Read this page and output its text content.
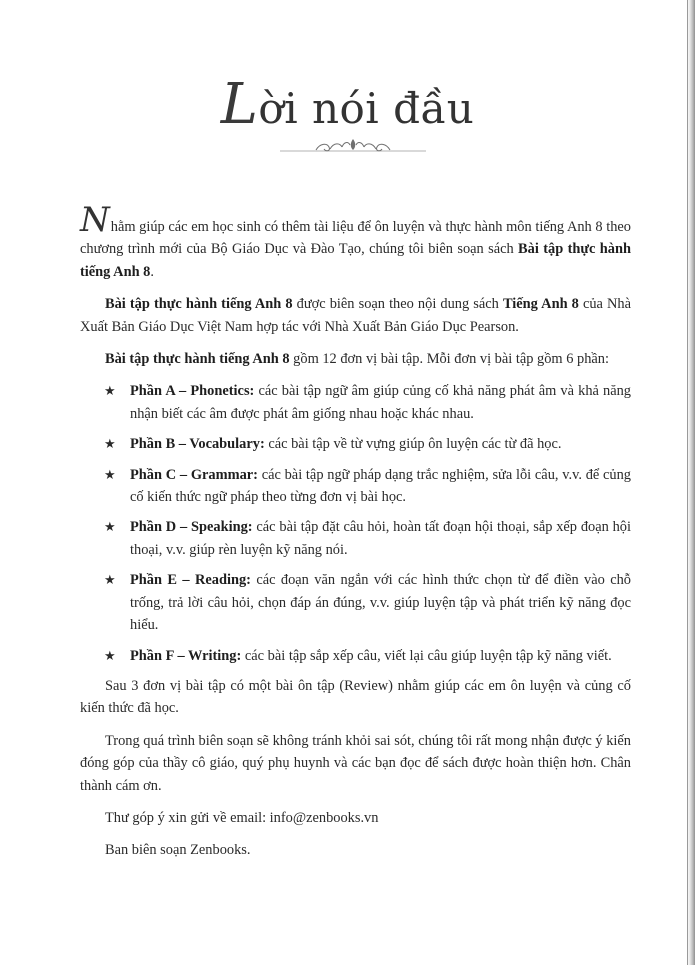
Lời nói đầu

Nhằm giúp các em học sinh có thêm tài liệu để ôn luyện và thực hành môn tiếng Anh 8 theo chương trình mới của Bộ Giáo Dục và Đào Tạo, chúng tôi biên soạn sách Bài tập thực hành tiếng Anh 8.

Bài tập thực hành tiếng Anh 8 được biên soạn theo nội dung sách Tiếng Anh 8 của Nhà Xuất Bản Giáo Dục Việt Nam hợp tác với Nhà Xuất Bản Giáo Dục Pearson.

Bài tập thực hành tiếng Anh 8 gồm 12 đơn vị bài tập. Mỗi đơn vị bài tập gồm 6 phần:

★ Phần A – Phonetics: các bài tập ngữ âm giúp củng cố khả năng phát âm và khả năng nhận biết các âm được phát âm giống nhau hoặc khác nhau.
★ Phần B – Vocabulary: các bài tập về từ vựng giúp ôn luyện các từ đã học.
★ Phần C – Grammar: các bài tập ngữ pháp dạng trắc nghiệm, sửa lỗi câu, v.v. để củng cố kiến thức ngữ pháp theo từng đơn vị bài học.
★ Phần D – Speaking: các bài tập đặt câu hỏi, hoàn tất đoạn hội thoại, sắp xếp đoạn hội thoại, v.v. giúp rèn luyện kỹ năng nói.
★ Phần E – Reading: các đoạn văn ngắn với các hình thức chọn từ để điền vào chỗ trống, trả lời câu hỏi, chọn đáp án đúng, v.v. giúp luyện tập và phát triển kỹ năng đọc hiểu.
★ Phần F – Writing: các bài tập sắp xếp câu, viết lại câu giúp luyện tập kỹ năng viết.

Sau 3 đơn vị bài tập có một bài ôn tập (Review) nhằm giúp các em ôn luyện và củng cố kiến thức đã học.

Trong quá trình biên soạn sẽ không tránh khỏi sai sót, chúng tôi rất mong nhận được ý kiến đóng góp của thầy cô giáo, quý phụ huynh và các bạn đọc để sách được hoàn thiện hơn. Chân thành cám ơn.

Thư góp ý xin gửi về email: info@zenbooks.vn

Ban biên soạn Zenbooks.
